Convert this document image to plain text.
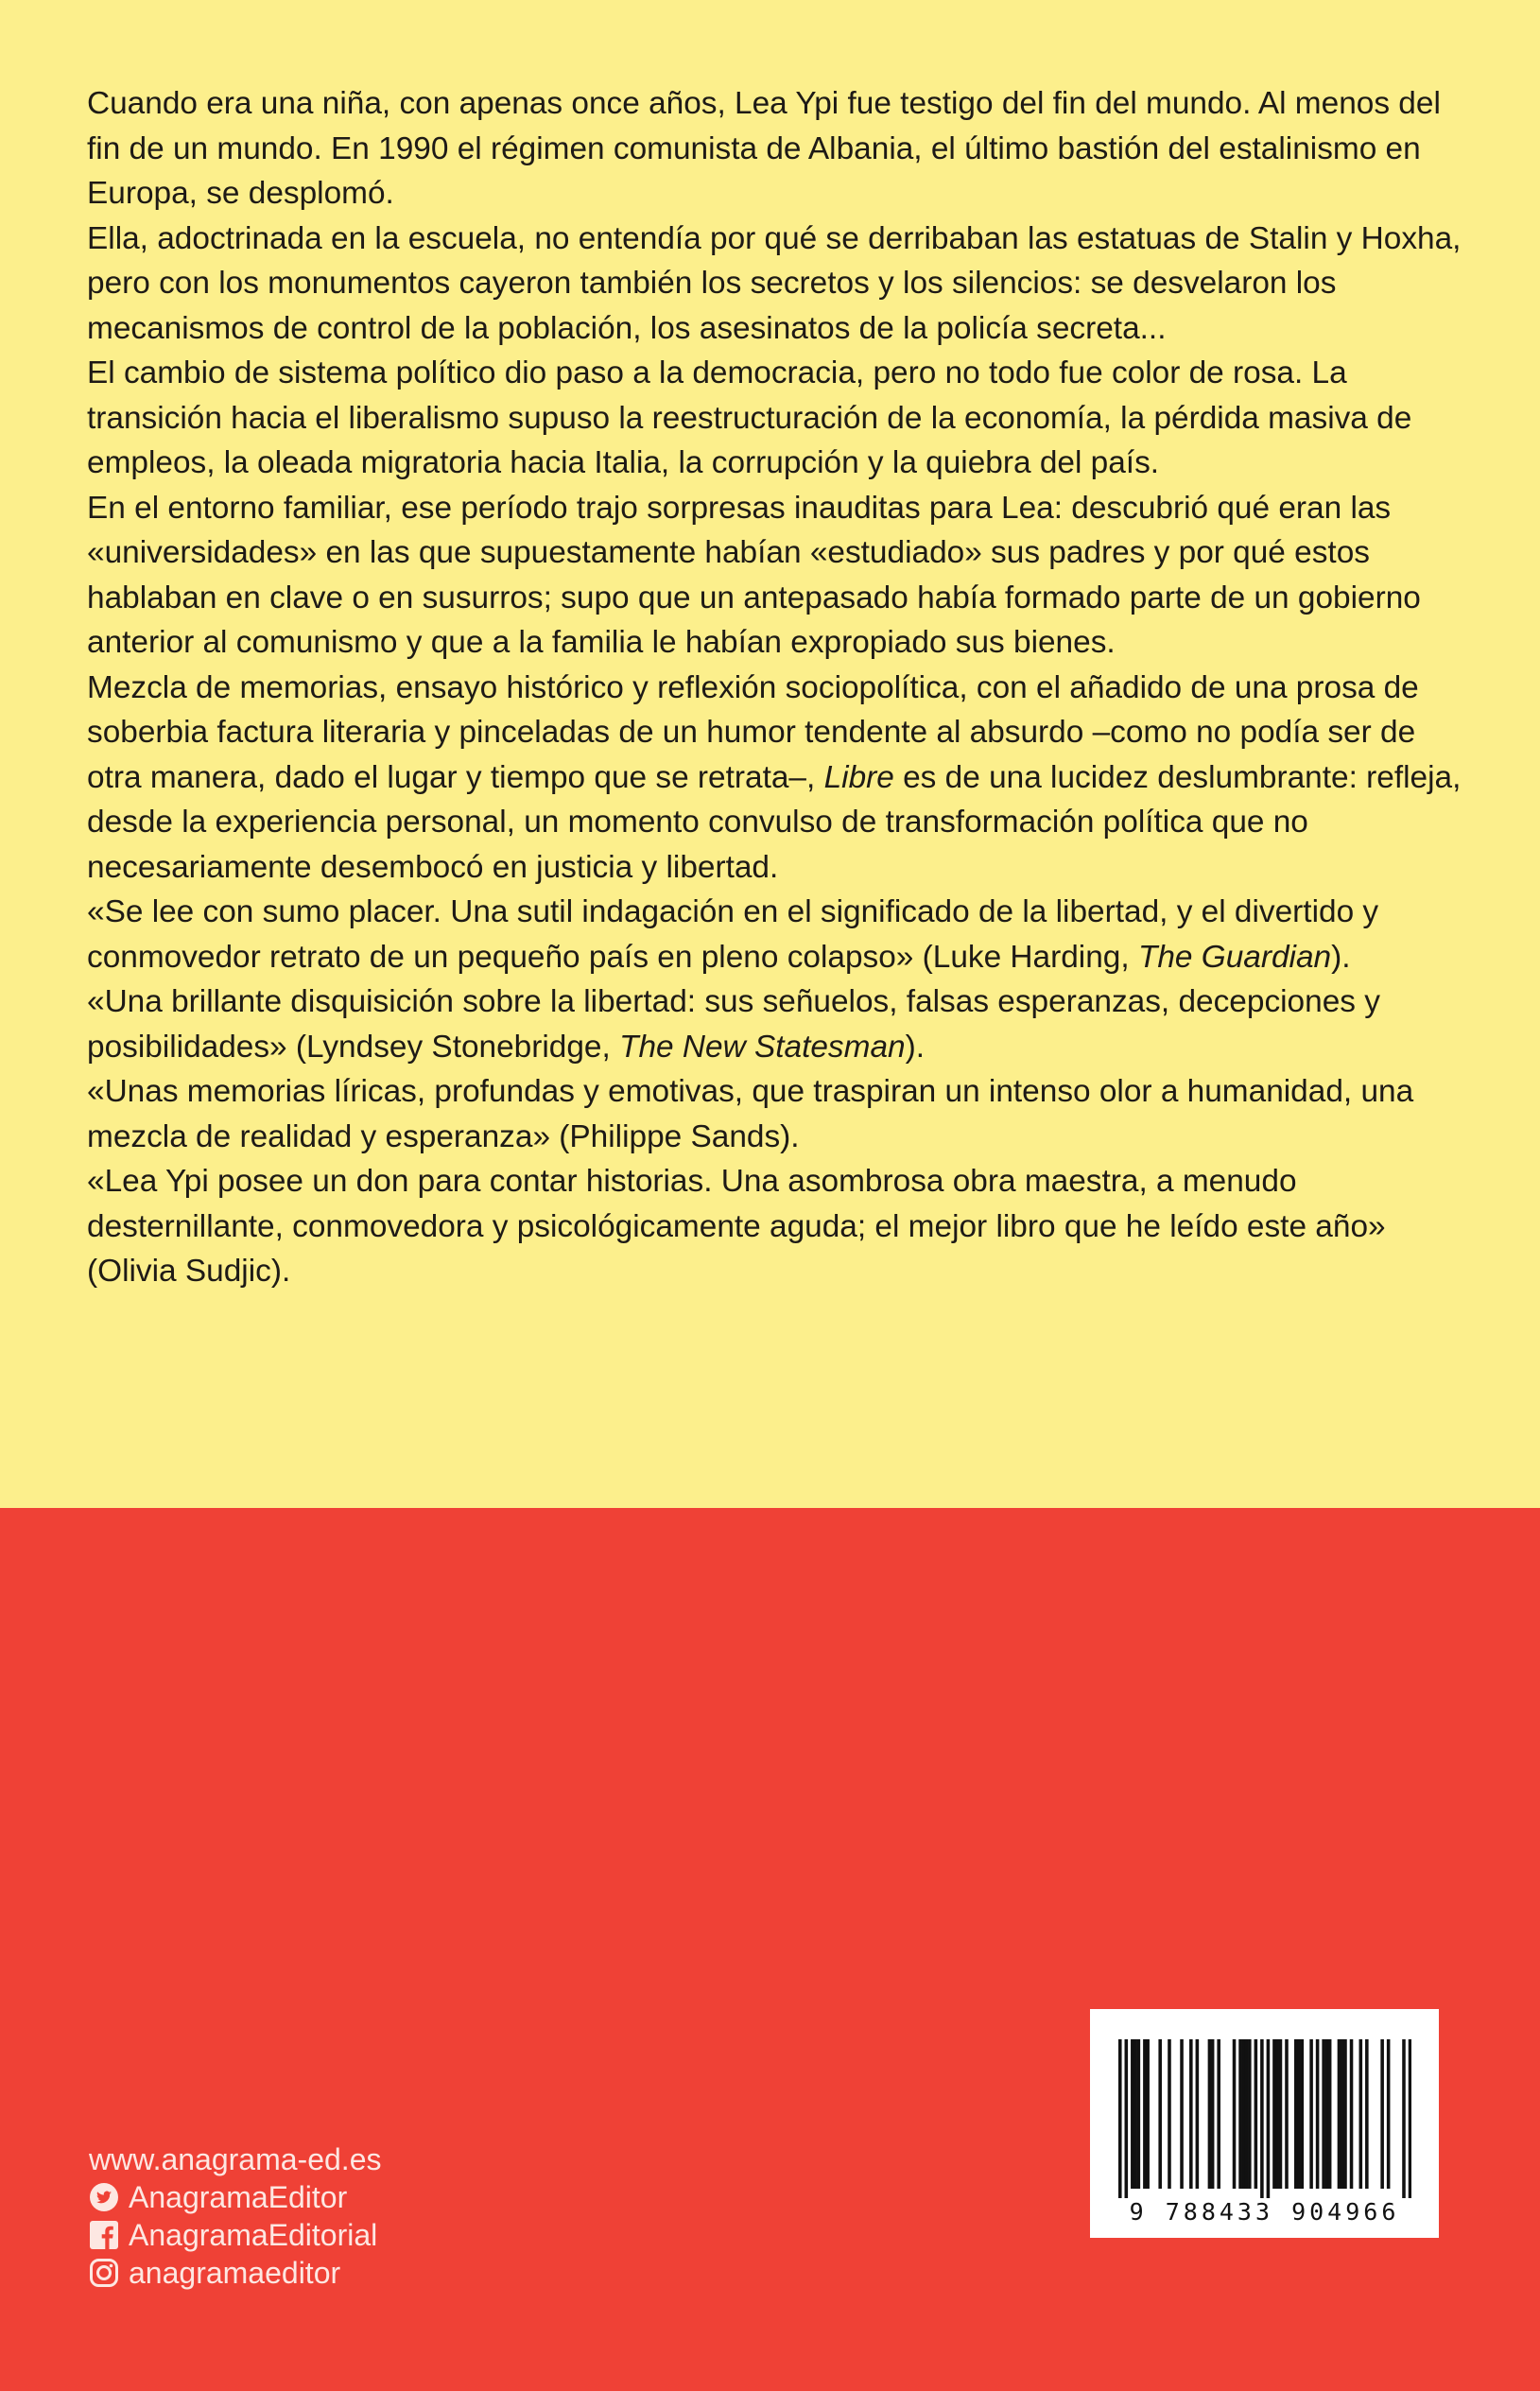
Cuando era una niña, con apenas once años, Lea Ypi fue testigo del fin del mundo. Al menos del fin de un mundo. En 1990 el régimen comunista de Albania, el último bastión del estalinismo en Europa, se desplomó.

Ella, adoctrinada en la escuela, no entendía por qué se derribaban las estatuas de Stalin y Hoxha, pero con los monumentos cayeron también los secretos y los silencios: se desvelaron los mecanismos de control de la población, los asesinatos de la policía secreta...

El cambio de sistema político dio paso a la democracia, pero no todo fue color de rosa. La transición hacia el liberalismo supuso la reestructuración de la economía, la pérdida masiva de empleos, la oleada migratoria hacia Italia, la corrupción y la quiebra del país.

En el entorno familiar, ese período trajo sorpresas inauditas para Lea: descubrió qué eran las «universidades» en las que supuestamente habían «estudiado» sus padres y por qué estos hablaban en clave o en susurros; supo que un antepasado había formado parte de un gobierno anterior al comunismo y que a la familia le habían expropiado sus bienes.

Mezcla de memorias, ensayo histórico y reflexión sociopolítica, con el añadido de una prosa de soberbia factura literaria y pinceladas de un humor tendente al absurdo –como no podía ser de otra manera, dado el lugar y tiempo que se retrata–, Libre es de una lucidez deslumbrante: refleja, desde la experiencia personal, un momento convulso de transformación política que no necesariamente desembocó en justicia y libertad.

«Se lee con sumo placer. Una sutil indagación en el significado de la libertad, y el divertido y conmovedor retrato de un pequeño país en pleno colapso» (Luke Harding, The Guardian).

«Una brillante disquisición sobre la libertad: sus señuelos, falsas esperanzas, decepciones y posibilidades» (Lyndsey Stonebridge, The New Statesman).

«Unas memorias líricas, profundas y emotivas, que traspiran un intenso olor a humanidad, una mezcla de realidad y esperanza» (Philippe Sands).

«Lea Ypi posee un don para contar historias. Una asombrosa obra maestra, a menudo desternillante, conmovedora y psicológicamente aguda; el mejor libro que he leído este año» (Olivia Sudjic).

www.anagrama-ed.es
AnagramaEditor
AnagramaEditorial
anagramaeditor
9 788433 904966
